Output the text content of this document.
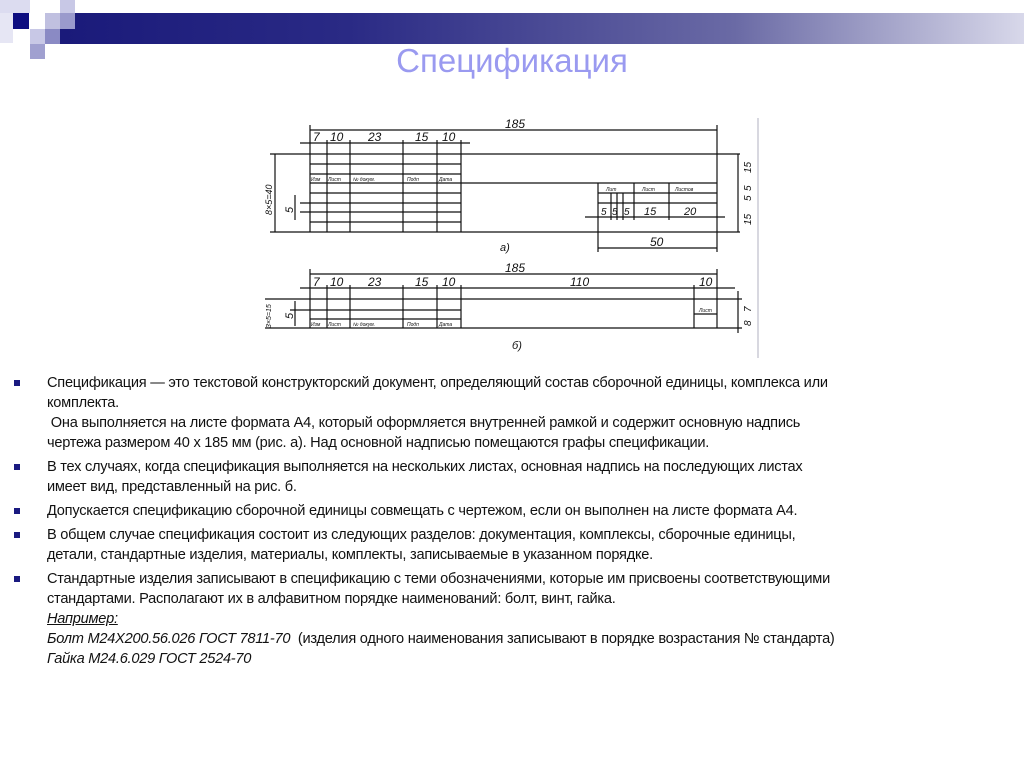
Спецификация
185
7 10 23	15 10
8×5=40 5
Изм Лист № докум.	Подп	Дата
Лит	Лист	Листов
5 5 5 15	20
15
5
5
15
50
а)
185
7 10 23	15 10	110	10
3×5=15 5
Изм Лист № докум.	Подп	Дата
Лист	7
8
б)
Спецификация — это текстовой конструкторский документ, определяющий состав сборочной единицы, комплекса или
комплекта.
Она выполняется на листе формата А4, который оформляется внутренней рамкой и содержит основную надпись
чертежа размером 40 х 185 мм (рис. а). Над основной надписью помещаются графы спецификации.
В тех случаях, когда спецификация выполняется на нескольких листах, основная надпись на последующих листах
имеет вид, представленный на рис. б.
Допускается спецификацию сборочной единицы совмещать с чертежом, если он выполнен на листе формата А4.
В общем случае спецификация состоит из следующих разделов: документация, комплексы, сборочные единицы,
детали, стандартные изделия, материалы, комплекты, записываемые в указанном порядке.
Стандартные изделия записывают в спецификацию с теми обозначениями, которые им присвоены соответствующими
стандартами. Располагают их в алфавитном порядке наименований: болт, винт, гайка.
Например:
Болт М24Х200.56.026 ГОСТ 7811-70  (изделия одного наименования записывают в порядке возрастания № стандарта)
Гайка М24.6.029 ГОСТ 2524-70
